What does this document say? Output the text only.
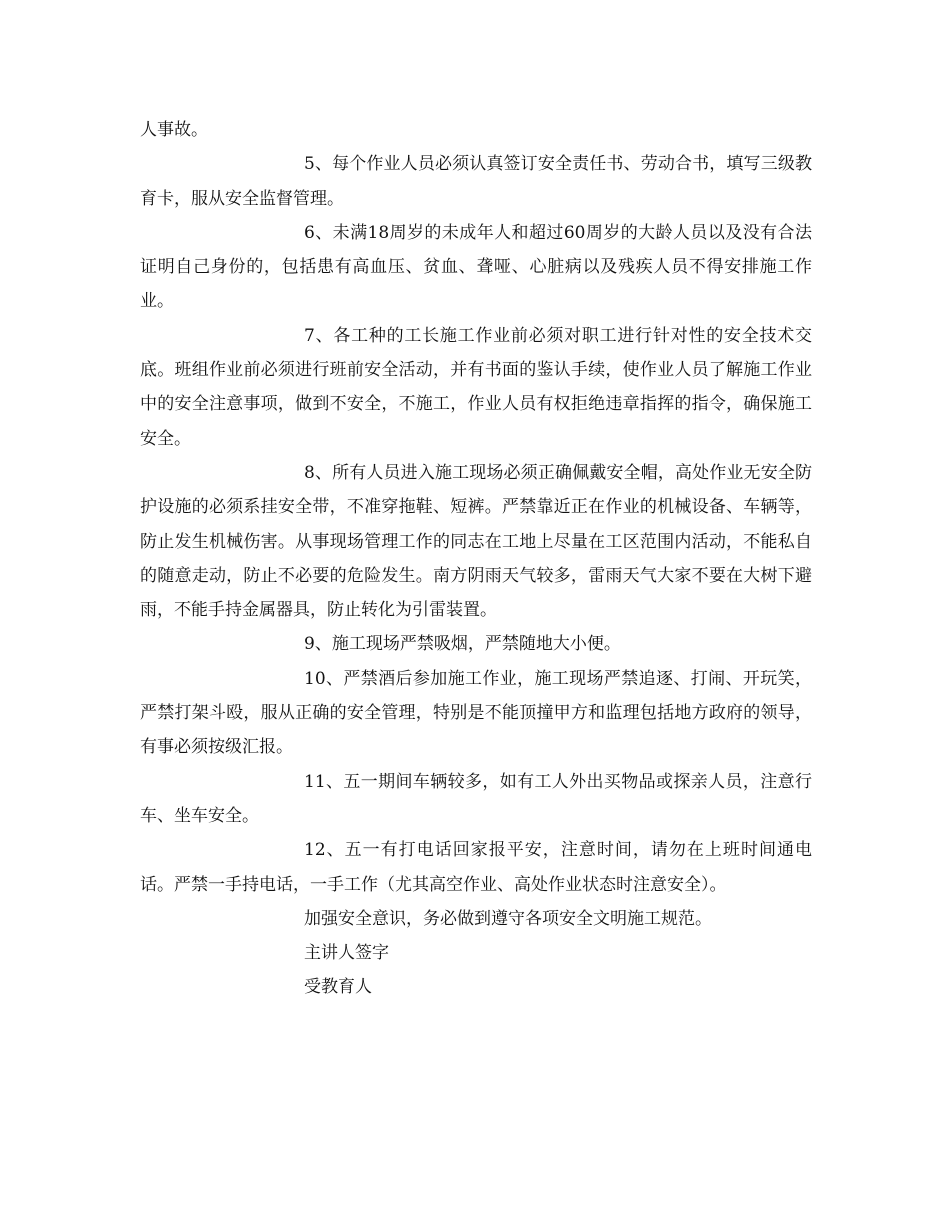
人事故。

5、每个作业人员必须认真签订安全责任书、劳动合书，填写三级教育卡，服从安全监督管理。

6、未满18周岁的未成年人和超过60周岁的大龄人员以及没有合法证明自己身份的，包括患有高血压、贫血、聋哑、心脏病以及残疾人员不得安排施工作业。

7、各工种的工长施工作业前必须对职工进行针对性的安全技术交底。班组作业前必须进行班前安全活动，并有书面的鉴认手续，使作业人员了解施工作业中的安全注意事项，做到不安全，不施工，作业人员有权拒绝违章指挥的指令，确保施工安全。

8、所有人员进入施工现场必须正确佩戴安全帽，高处作业无安全防护设施的必须系挂安全带，不准穿拖鞋、短裤。严禁靠近正在作业的机械设备、车辆等，防止发生机械伤害。从事现场管理工作的同志在工地上尽量在工区范围内活动，不能私自的随意走动，防止不必要的危险发生。南方阴雨天气较多，雷雨天气大家不要在大树下避雨，不能手持金属器具，防止转化为引雷装置。

9、施工现场严禁吸烟，严禁随地大小便。

10、严禁酒后参加施工作业，施工现场严禁追逐、打闹、开玩笑，严禁打架斗殴，服从正确的安全管理，特别是不能顶撞甲方和监理包括地方政府的领导，有事必须按级汇报。

11、五一期间车辆较多，如有工人外出买物品或探亲人员，注意行车、坐车安全。

12、五一有打电话回家报平安，注意时间，请勿在上班时间通电话。严禁一手持电话，一手工作（尤其高空作业、高处作业状态时注意安全）。

加强安全意识，务必做到遵守各项安全文明施工规范。

主讲人签字

受教育人
